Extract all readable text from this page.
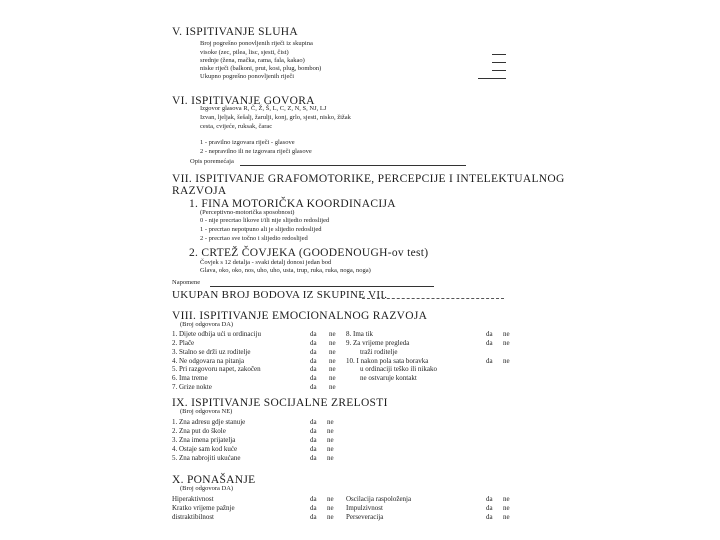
V. ISPITIVANJE SLUHA
Broj pogrešno ponovljenih riječi iz skupina
visoke (zec, pilea, lisc, sjesti, čist)
srednje (žena, mačka, rama, fala, kakao)
niske riječi (balkoni, prut, kosi, plug, bombon)
Ukupno pogrešno ponovljenih riječi
VI. ISPITIVANJE GOVORA
Izgovor glasova R, Č, Ž, Š, L, C, Z, N, S, NJ, LJ
Izvan, ljeljak, šešalj, žarulji, konj, grlo, sjesti, nisko, žižak
cesta, cvijeće, ruksak, čarac
1 - pravilno izgovara riječi - glasove
2 - nepravilno ili ne izgovara riječi glasove
Opis poremećaja
VII. ISPITIVANJE GRAFOMOTORIKE, PERCEPCIJE I INTELEKTUALNOG
RAZVOJA
1. FINA MOTORIČKA KOORDINACIJA
(Perceptivno-motorička sposobnost)
0 - nije precrtao likove i/ili nije slijedio redoslijed
1 - precrtao nepotpuno ali je slijedio redoslijed
2 - precrtao sve točno i slijedio redoslijed
2. CRTEŽ ČOVJEKA (GOODENOUGH-ov test)
Čovjek s 12 detalja - svaki detalj donosi jedan bod
Glava, oko, oko, nos, uho, uho, usta, trup, ruka, ruka, noga, noga)
Napomene
UKUPAN BROJ BODOVA IZ SKUPINE VII.
VIII. ISPITIVANJE EMOCIONALNOG RAZVOJA
(Broj odgovora DA)
1. Dijete odbija ući u ordinaciju
2. Plače
3. Stalno se drži uz roditelje
4. Ne odgovara na pitanja
5. Pri razgovoru napet, zakočen
6. Ima treme
7. Grize nokte
da ne
da ne
da ne
da ne
da ne
da ne
da ne
8. Ima tik
9. Za vrijeme pregleda
traži roditelje
10. I nakon pola sata boravka
u ordinaciji teško ili nikako
ne ostvaruje kontakt
da ne
da ne
da ne
IX. ISPITIVANJE SOCIJALNE ZRELOSTI
(Broj odgovora NE)
1. Zna adresu gdje stanuje
2. Zna put do škole
3. Zna imena prijatelja
4. Ostaje sam kod kuće
5. Zna nabrojiti ukućane
da ne
da ne
da ne
da ne
da ne
X. PONAŠANJE
(Broj odgovora DA)
Hiperaktivnost
Kratko vrijeme pažnje
distraktibilnost
da ne
da ne
da ne
Oscilacija raspoloženja
Impulzivnost
Perseveracija
da ne
da ne
da ne
